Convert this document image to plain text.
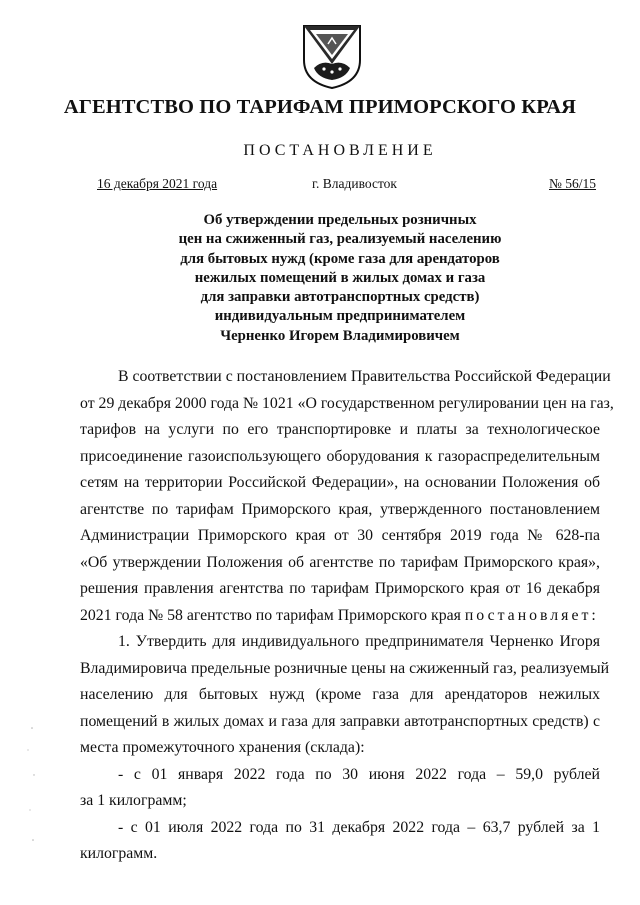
АГЕНТСТВО ПО ТАРИФАМ ПРИМОРСКОГО КРАЯ
ПОСТАНОВЛЕНИЕ
16 декабря 2021 года	г. Владивосток	№ 56/15
Об утверждении предельных розничных
цен на сжиженный газ, реализуемый населению
для бытовых нужд (кроме газа для арендаторов
нежилых помещений в жилых домах и газа
для заправки автотранспортных средств)
индивидуальным предпринимателем
Черненко Игорем Владимировичем

В соответствии с постановлением Правительства Российской Федерации
от 29 декабря 2000 года № 1021 «О государственном регулировании цен на газ,
тарифов на услуги по его транспортировке и платы за технологическое
присоединение газоиспользующего оборудования к газораспределительным
сетям на территории Российской Федерации», на основании Положения об
агентстве по тарифам Приморского края, утвержденного постановлением
Администрации Приморского края от 30 сентября 2019 года № 628-па
«Об утверждении Положения об агентстве по тарифам Приморского края»,
решения правления агентства по тарифам Приморского края от 16 декабря
2021 года № 58 агентство по тарифам Приморского края постановляет:

1. Утвердить для индивидуального предпринимателя Черненко Игоря
Владимировича предельные розничные цены на сжиженный газ, реализуемый
населению для бытовых нужд (кроме газа для арендаторов нежилых
помещений в жилых домах и газа для заправки автотранспортных средств) с
места промежуточного хранения (склада):

- с 01 января 2022 года по 30 июня 2022 года – 59,0 рублей
за 1 килограмм;

- с 01 июля 2022 года по 31 декабря 2022 года – 63,7 рублей за 1
килограмм.
